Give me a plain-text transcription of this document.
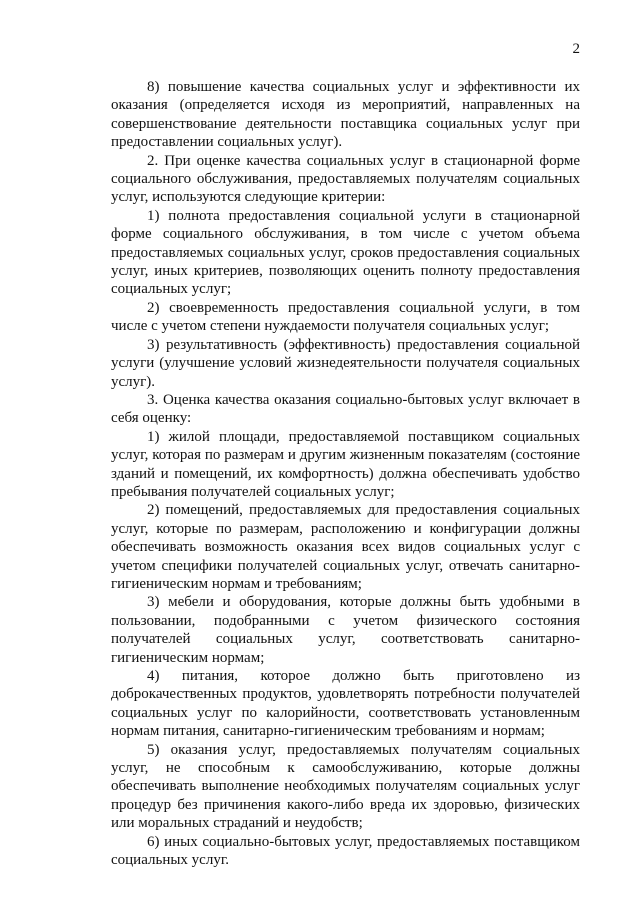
2

8) повышение качества социальных услуг и эффективности их оказания (определяется исходя из мероприятий, направленных на совершенствование деятельности поставщика социальных услуг при предоставлении социальных услуг).

2. При оценке качества социальных услуг в стационарной форме социального обслуживания, предоставляемых получателям социальных услуг, используются следующие критерии:

1) полнота предоставления социальной услуги в стационарной форме социального обслуживания, в том числе с учетом объема предоставляемых социальных услуг, сроков предоставления социальных услуг, иных критериев, позволяющих оценить полноту предоставления социальных услуг;

2) своевременность предоставления социальной услуги, в том числе с учетом степени нуждаемости получателя социальных услуг;

3) результативность (эффективность) предоставления социальной услуги (улучшение условий жизнедеятельности получателя социальных услуг).

3. Оценка качества оказания социально-бытовых услуг включает в себя оценку:

1) жилой площади, предоставляемой поставщиком социальных услуг, которая по размерам и другим жизненным показателям (состояние зданий и помещений, их комфортность) должна обеспечивать удобство пребывания получателей социальных услуг;

2) помещений, предоставляемых для предоставления социальных услуг, которые по размерам, расположению и конфигурации должны обеспечивать возможность оказания всех видов социальных услуг с учетом специфики получателей социальных услуг, отвечать санитарно-гигиеническим нормам и требованиям;

3) мебели и оборудования, которые должны быть удобными в пользовании, подобранными с учетом физического состояния получателей социальных услуг, соответствовать санитарно-гигиеническим нормам;

4) питания, которое должно быть приготовлено из доброкачественных продуктов, удовлетворять потребности получателей социальных услуг по калорийности, соответствовать установленным нормам питания, санитарно-гигиеническим требованиям и нормам;

5) оказания услуг, предоставляемых получателям социальных услуг, не способным к самообслуживанию, которые должны обеспечивать выполнение необходимых получателям социальных услуг процедур без причинения какого-либо вреда их здоровью, физических или моральных страданий и неудобств;

6) иных социально-бытовых услуг, предоставляемых поставщиком социальных услуг.
